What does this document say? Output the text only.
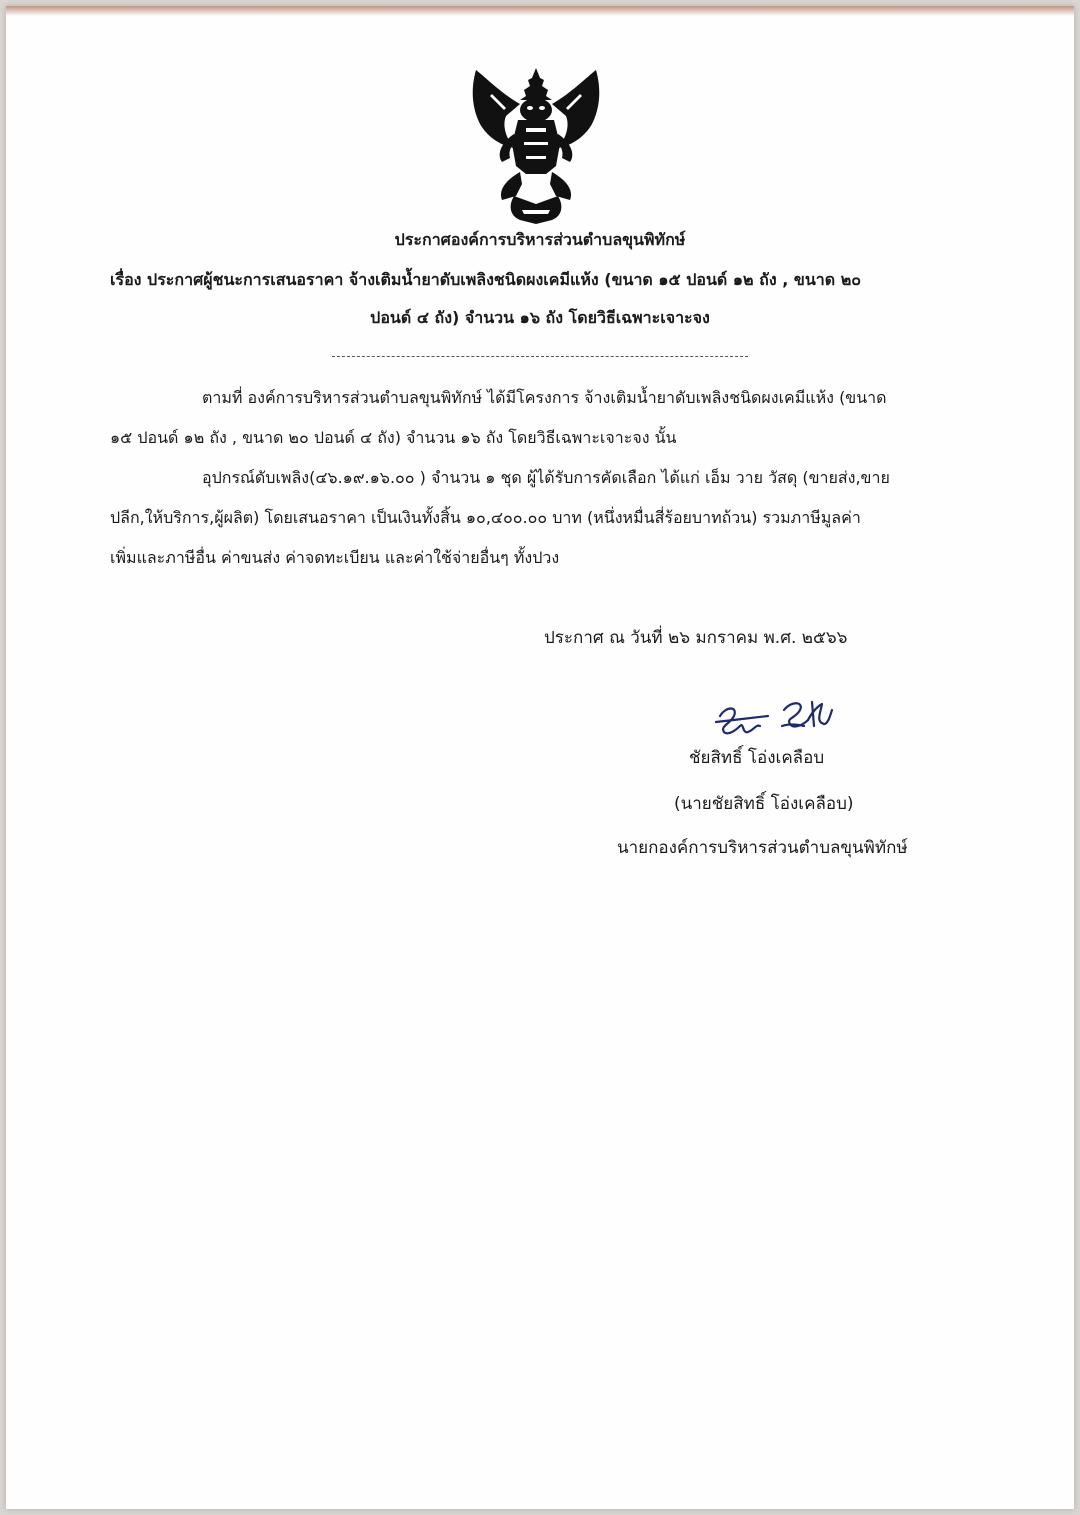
ประกาศองค์การบริหารส่วนตำบลขุนพิทักษ์
เรื่อง ประกาศผู้ชนะการเสนอราคา จ้างเติมน้ำยาดับเพลิงชนิดผงเคมีแห้ง (ขนาด ๑๕ ปอนด์ ๑๒ ถัง , ขนาด ๒๐
ปอนด์ ๔ ถัง) จำนวน ๑๖ ถัง โดยวิธีเฉพาะเจาะจง
ตามที่ องค์การบริหารส่วนตำบลขุนพิทักษ์ ได้มีโครงการ จ้างเติมน้ำยาดับเพลิงชนิดผงเคมีแห้ง (ขนาด
๑๕ ปอนด์ ๑๒ ถัง , ขนาด ๒๐ ปอนด์ ๔ ถัง) จำนวน ๑๖ ถัง โดยวิธีเฉพาะเจาะจง นั้น
อุปกรณ์ดับเพลิง(๔๖.๑๙.๑๖.๐๐ ) จำนวน ๑ ชุด ผู้ได้รับการคัดเลือก ได้แก่ เอ็ม วาย วัสดุ (ขายส่ง,ขาย
ปลีก,ให้บริการ,ผู้ผลิต) โดยเสนอราคา เป็นเงินทั้งสิ้น ๑๐,๔๐๐.๐๐ บาท (หนึ่งหมื่นสี่ร้อยบาทถ้วน) รวมภาษีมูลค่า
เพิ่มและภาษีอื่น ค่าขนส่ง ค่าจดทะเบียน และค่าใช้จ่ายอื่นๆ ทั้งปวง
ประกาศ ณ วันที่ ๒๖ มกราคม พ.ศ. ๒๕๖๖
ชัยสิทธิ์ โอ่งเคลือบ
(นายชัยสิทธิ์ โอ่งเคลือบ)
นายกองค์การบริหารส่วนตำบลขุนพิทักษ์
